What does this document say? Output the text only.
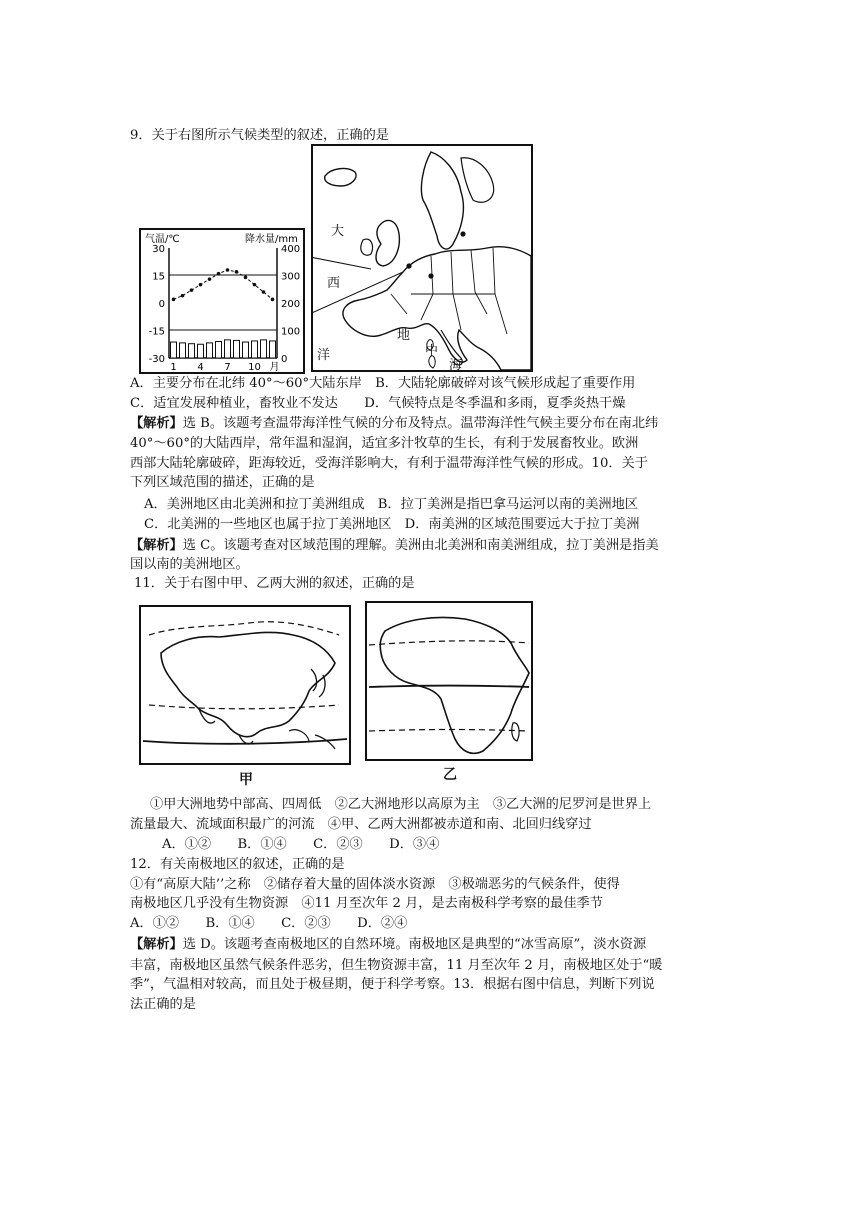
9．关于右图所示气候类型的叙述，正确的是
气温/℃	降水量/mm
30
15
0
-15
-30
400
300
200
100
0
1 4 7 10 月
大
西
洋
地
中
海
A．主要分布在北纬 40°～60°大陆东岸　 B．大陆轮廓破碎对该气候形成起了重要作用
C．适宜发展种植业，畜牧业不发达　　 D．气候特点是冬季温和多雨，夏季炎热干燥
【解析】选 B。该题考查温带海洋性气候的分布及特点。温带海洋性气候主要分布在南北纬
40°～60°的大陆西岸，常年温和湿润，适宜多汁牧草的生长，有利于发展畜牧业。欧洲
西部大陆轮廓破碎，距海较近，受海洋影响大，有利于温带海洋性气候的形成。10．关于
下列区域范围的描述，正确的是
A．美洲地区由北美洲和拉丁美洲组成　 B．拉丁美洲是指巴拿马运河以南的美洲地区
C．北美洲的一些地区也属于拉丁美洲地区　 D．南美洲的区域范围要远大于拉丁美洲
【解析】选 C。该题考查对区域范围的理解。美洲由北美洲和南美洲组成，拉丁美洲是指美
国以南的美洲地区。
11．关于右图中甲、乙两大洲的叙述，正确的是
甲	乙
①甲大洲地势中部高、四周低　②乙大洲地形以高原为主　③乙大洲的尼罗河是世界上
流量最大、流域面积最广的河流　④甲、乙两大洲都被赤道和南、北回归线穿过
A．①②　　B．①④　　C．②③　　D．③④
12．有关南极地区的叙述，正确的是
①有“高原大陆’’之称　②储存着大量的固体淡水资源　③极端恶劣的气候条件，使得
南极地区几乎没有生物资源　④11 月至次年 2 月，是去南极科学考察的最佳季节
A．①②　　B．①④　　C．②③　　D．②④
【解析】选 D。该题考查南极地区的自然环境。南极地区是典型的“冰雪高原”，淡水资源
丰富，南极地区虽然气候条件恶劣，但生物资源丰富，11 月至次年 2 月，南极地区处于“暖
季”，气温相对较高，而且处于极昼期，便于科学考察。13．根据右图中信息，判断下列说
法正确的是
